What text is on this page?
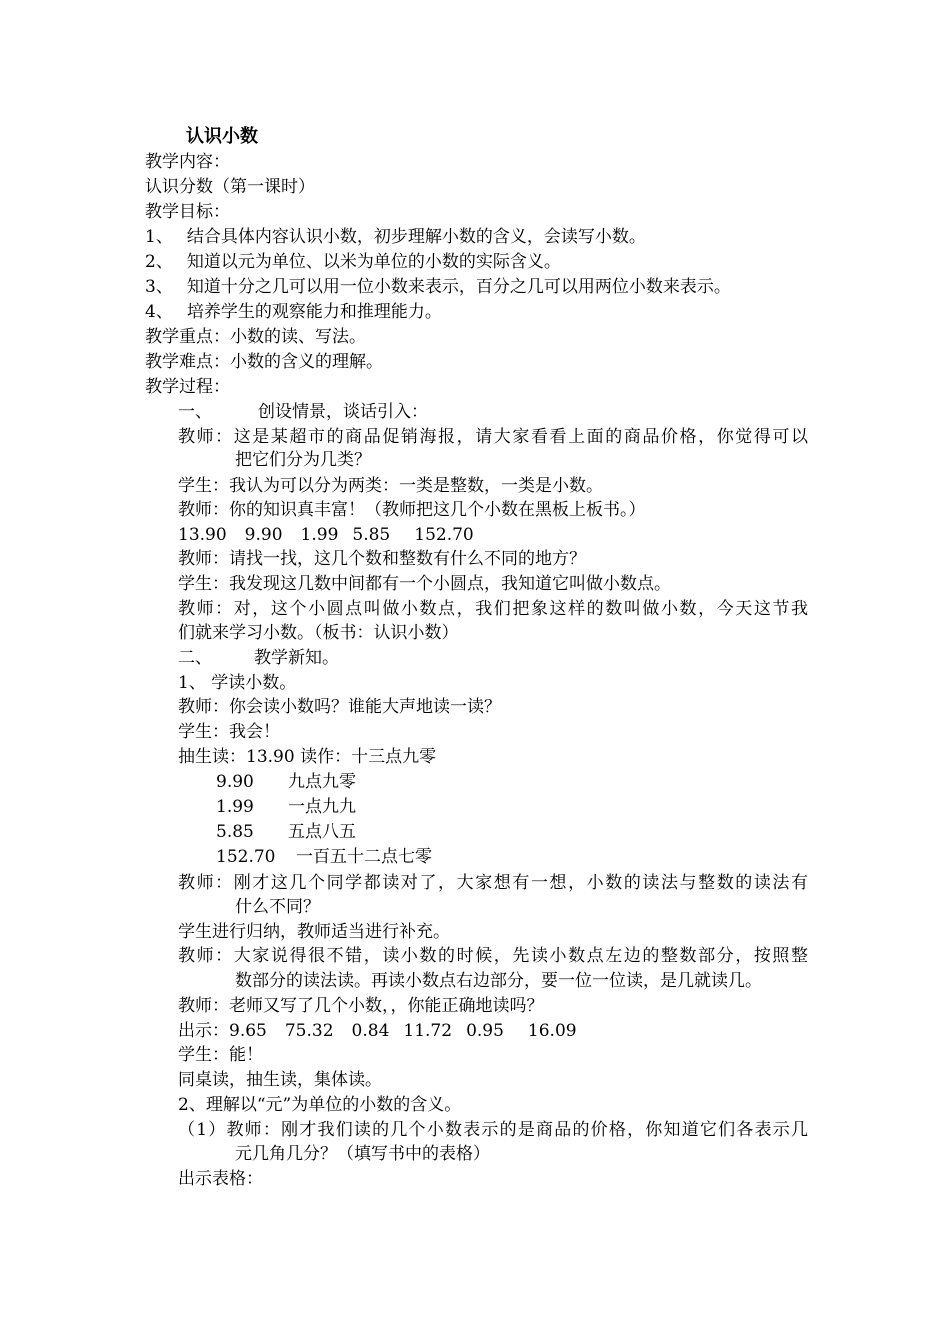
认识小数
教学内容：
认识分数（第一课时）
教学目标：
1、 结合具体内容认识小数，初步理解小数的含义，会读写小数。
2、 知道以元为单位、以米为单位的小数的实际含义。
3、 知道十分之几可以用一位小数来表示，百分之几可以用两位小数来表示。
4、 培养学生的观察能力和推理能力。
教学重点：小数的读、写法。
教学难点：小数的含义的理解。
教学过程：
一、	创设情景，谈话引入：
教师：这是某超市的商品促销海报，请大家看看上面的商品价格，你觉得可以
把它们分为几类？
学生：我认为可以分为两类：一类是整数，一类是小数。
教师：你的知识真丰富！（教师把这几个小数在黑板上板书。）
13.90 9.90 1.99 5.85 152.70
教师：请找一找，这几个数和整数有什么不同的地方？
学生：我发现这几数中间都有一个小圆点，我知道它叫做小数点。
教师：对，这个小圆点叫做小数点，我们把象这样的数叫做小数，今天这节我
们就来学习小数。（板书：认识小数）
二、 教学新知。
1、 学读小数。
教师：你会读小数吗？谁能大声地读一读？
学生：我会！
抽生读：13.90 读作：十三点九零
9.90 九点九零
1.99 一点九九
5.85 五点八五
152.70 一百五十二点七零
教师：刚才这几个同学都读对了，大家想有一想，小数的读法与整数的读法有
什么不同？
学生进行归纳，教师适当进行补充。
教师：大家说得很不错，读小数的时候，先读小数点左边的整数部分，按照整
数部分的读法读。再读小数点右边部分，要一位一位读，是几就读几。
教师：老师又写了几个小数，，你能正确地读吗？
出示：9.65 75.32 0.84 11.72 0.95 16.09
学生：能！
同桌读，抽生读，集体读。
2、理解以“元”为单位的小数的含义。
（1）教师：刚才我们读的几个小数表示的是商品的价格，你知道它们各表示几
元几角几分？（填写书中的表格）
出示表格：
